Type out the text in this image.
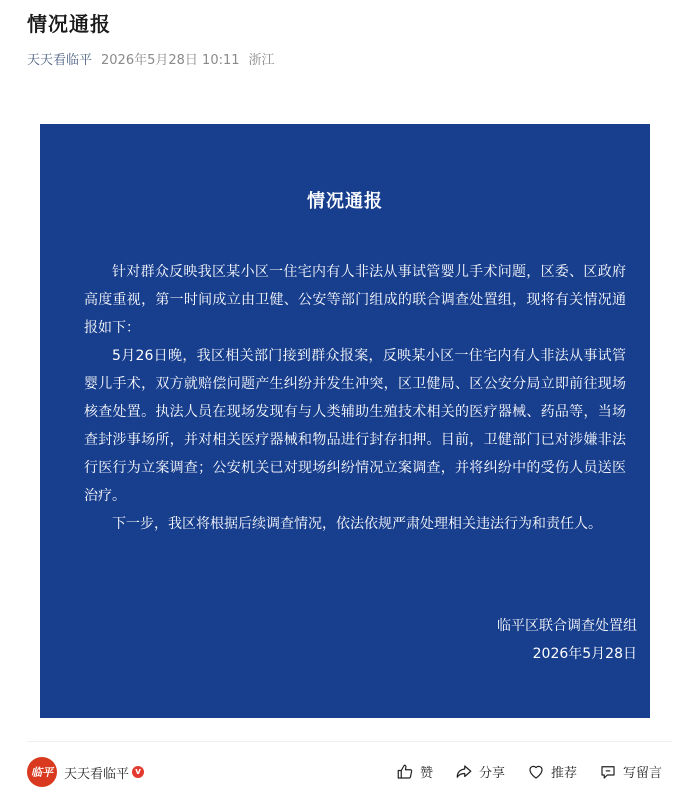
情况通报
天天看临平 2026年5月28日 10:11 浙江
情况通报

针对群众反映我区某小区一住宅内有人非法从事试管婴儿手术问题，区委、区政府高度重视，第一时间成立由卫健、公安等部门组成的联合调查处置组，现将有关情况通报如下：

5月26日晚，我区相关部门接到群众报案，反映某小区一住宅内有人非法从事试管婴儿手术，双方就赔偿问题产生纠纷并发生冲突，区卫健局、区公安分局立即前往现场核查处置。执法人员在现场发现有与人类辅助生殖技术相关的医疗器械、药品等，当场查封涉事场所，并对相关医疗器械和物品进行封存扣押。目前，卫健部门已对涉嫌非法行医行为立案调查；公安机关已对现场纠纷情况立案调查，并将纠纷中的受伤人员送医治疗。

下一步，我区将根据后续调查情况，依法依规严肃处理相关违法行为和责任人。

临平区联合调查处置组
2026年5月28日
临平 天天看临平 v	赞	分享	推荐	写留言
